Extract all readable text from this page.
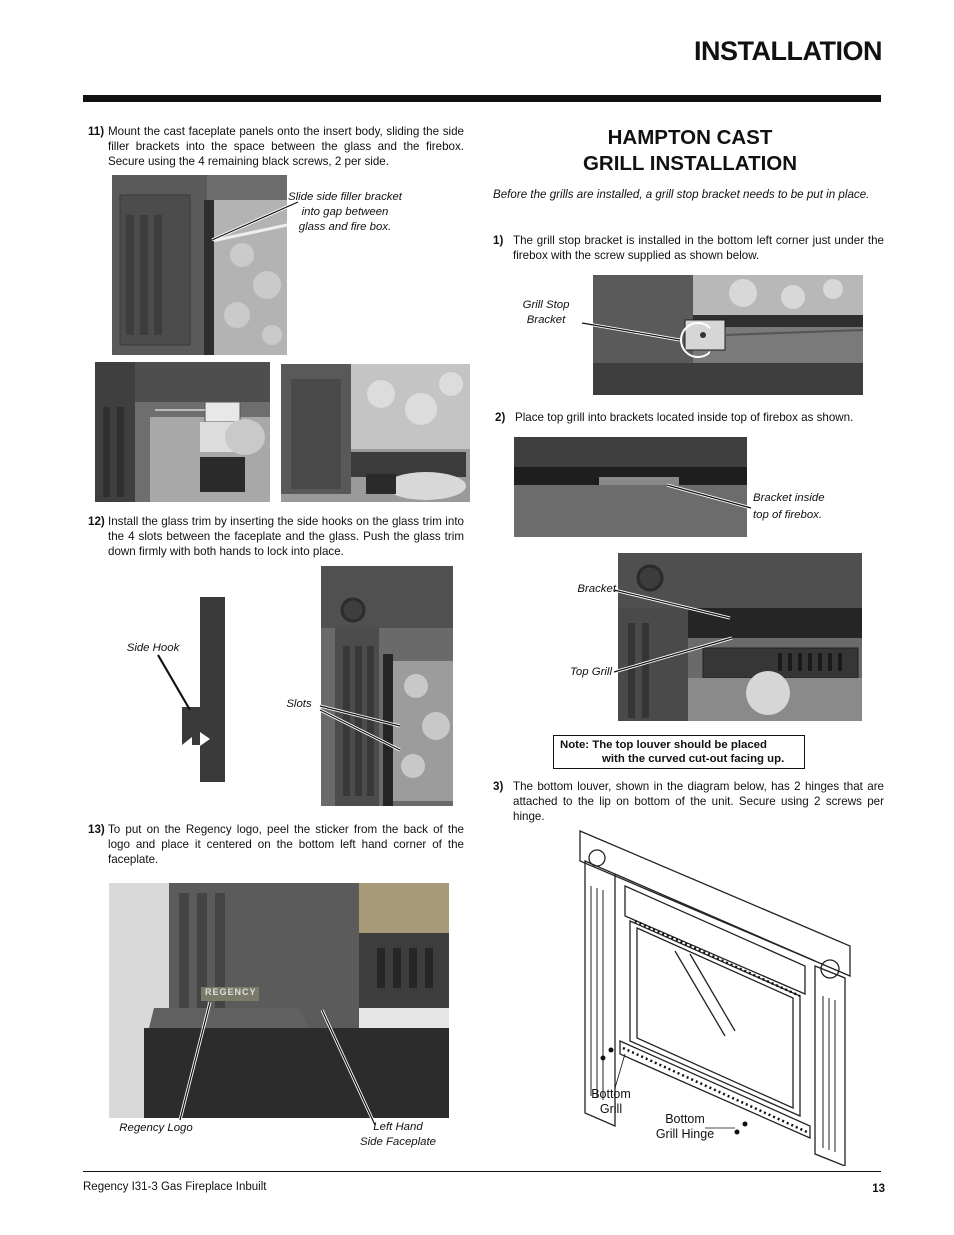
INSTALLATION
11) Mount the cast faceplate panels onto the insert body, sliding the side filler brackets into the space between the glass and the firebox. Secure using the 4 remaining black screws, 2 per side.
Slide side filler bracket into gap between glass and fire box.
12) Install the glass trim by inserting the side hooks on the glass trim into the 4 slots between the faceplate and the glass. Push the glass trim down firmly with both hands to lock into place.
Side Hook
Slots
13) To put on the Regency logo, peel the sticker from the back of the logo and place it centered on the bottom left hand corner of the faceplate.
REGENCY
Regency Logo	Left Hand
Side Faceplate
HAMPTON CAST
GRILL INSTALLATION
Before the grills are installed, a grill stop bracket needs to be put in place.
1) The grill stop bracket is installed in the bottom left corner just under the firebox with the screw supplied as shown below.
Grill Stop
Bracket
2) Place top grill into brackets located inside top of firebox as shown.
Bracket inside
top of firebox.
Bracket
Top Grill
Note: The top louver should be placed
with the curved cut-out facing up.
3) The bottom louver, shown in the diagram below, has 2 hinges that are attached to the lip on bottom of the unit. Secure using 2 screws per hinge.
Bottom
Grill
Bottom
Grill Hinge
Regency I31-3 Gas Fireplace Inbuilt	13
